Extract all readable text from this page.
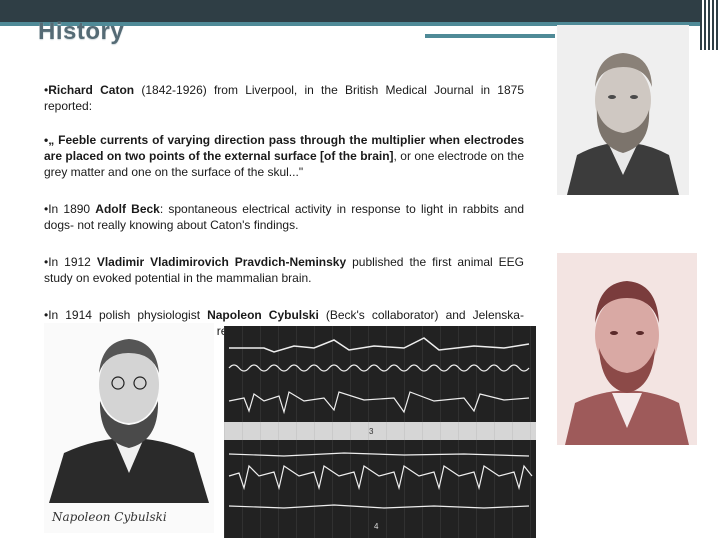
History

•Richard Caton (1842-1926) from Liverpool, in the British Medical Journal in 1875 reported:

•„ Feeble currents of varying direction pass through the multiplier when electrodes are placed on two points of the external surface [of the brain], or one electrode on the grey matter and one on the surface of the skul..."

•In 1890 Adolf Beck: spontaneous electrical activity in response to light in rabbits and dogs- not really knowing about Caton's findings.

•In 1912 Vladimir Vladimirovich Pravdich-Neminsky published the first animal EEG study on evoked potential in the mammalian brain.

•In 1914 polish physiologist Napoleon Cybulski (Beck's collaborator) and Jelenska-

Napoleon Cybulski
3
4
